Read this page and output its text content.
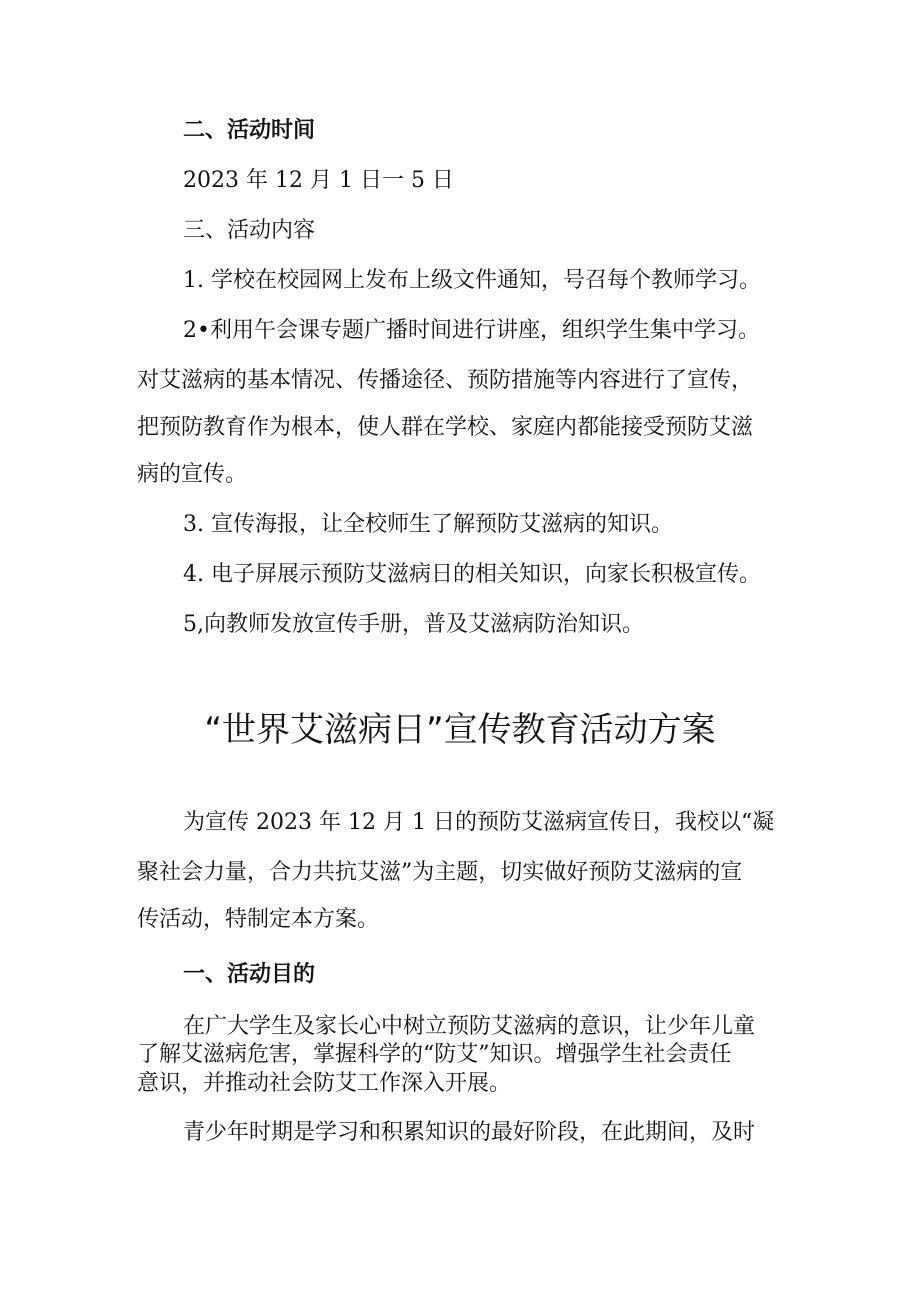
二、活动时间
2023 年 12 月 1 日一 5 日
三、活动内容
1. 学校在校园网上发布上级文件通知，号召每个教师学习。
2•利用午会课专题广播时间进行讲座，组织学生集中学习。
对艾滋病的基本情况、传播途径、预防措施等内容进行了宣传，
把预防教育作为根本，使人群在学校、家庭内都能接受预防艾滋
病的宣传。
3. 宣传海报，让全校师生了解预防艾滋病的知识。
4. 电子屏展示预防艾滋病日的相关知识，向家长积极宣传。
5,向教师发放宣传手册，普及艾滋病防治知识。
“世界艾滋病日”宣传教育活动方案
为宣传 2023 年 12 月 1 日的预防艾滋病宣传日，我校以“凝
聚社会力量，合力共抗艾滋”为主题，切实做好预防艾滋病的宣
传活动，特制定本方案。
一、活动目的
在广大学生及家长心中树立预防艾滋病的意识，让少年儿童
了解艾滋病危害，掌握科学的“防艾”知识。增强学生社会责任
意识，并推动社会防艾工作深入开展。
青少年时期是学习和积累知识的最好阶段，在此期间，及时
